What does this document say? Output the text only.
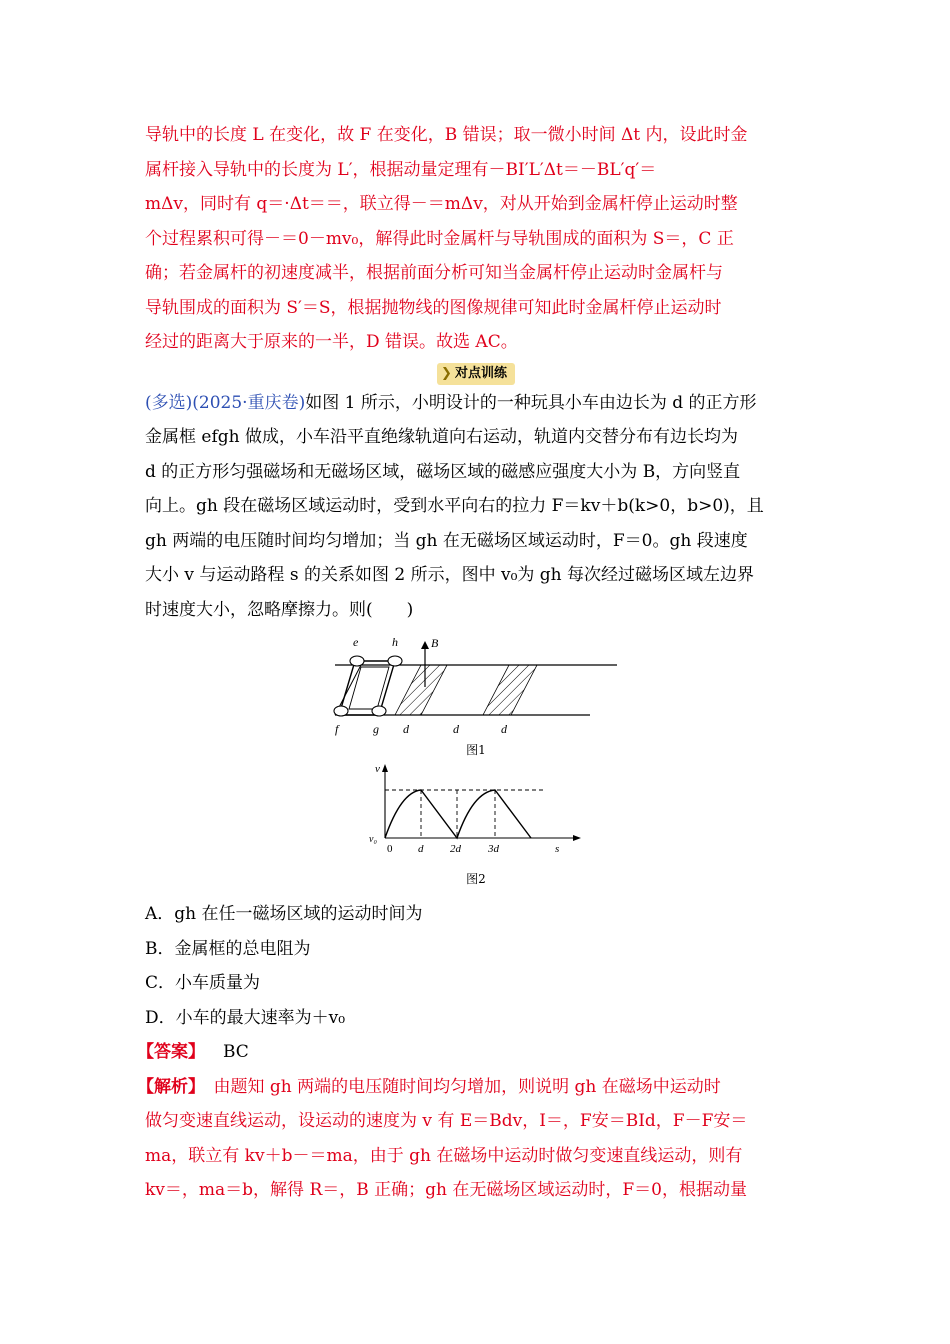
导轨中的长度 L 在变化，故 F 在变化，B 错误；取一微小时间 Δt 内，设此时金
属杆接入导轨中的长度为 L′，根据动量定理有－BI′L′Δt＝－BL′q′＝
mΔv，同时有 q＝·Δt＝＝，联立得－＝mΔv，对从开始到金属杆停止运动时整
个过程累积可得－＝0－mv₀，解得此时金属杆与导轨围成的面积为 S＝，C 正
确；若金属杆的初速度减半，根据前面分析可知当金属杆停止运动时金属杆与
导轨围成的面积为 S′＝S，根据抛物线的图像规律可知此时金属杆停止运动时
经过的距离大于原来的一半，D 错误。故选 AC。
❯ 对点训练
(多选)(2025·重庆卷)如图 1 所示，小明设计的一种玩具小车由边长为 d 的正方形
金属框 efgh 做成，小车沿平直绝缘轨道向右运动，轨道内交替分布有边长均为
d 的正方形匀强磁场和无磁场区域，磁场区域的磁感应强度大小为 B，方向竖直
向上。gh 段在磁场区域运动时，受到水平向右的拉力 F＝kv＋b(k>0，b>0)，且
gh 两端的电压随时间均匀增加；当 gh 在无磁场区域运动时，F＝0。gh 段速度
大小 v 与运动路程 s 的关系如图 2 所示，图中 v₀为 gh 每次经过磁场区域左边界
时速度大小，忽略摩擦力。则(　　)
e	h	B
f	g d	d	d
图1
v
v₀
0 d 2d 3d	s
图2

A．gh 在任一磁场区域的运动时间为

B．金属框的总电阻为

C．小车质量为

D．小车的最大速率为＋v₀

【答案】 BC

【解析】　由题知 gh 两端的电压随时间均匀增加，则说明 gh 在磁场中运动时
做匀变速直线运动，设运动的速度为 v 有 E＝Bdv，I＝，F安＝BId，F－F安＝
ma，联立有 kv＋b－＝ma，由于 gh 在磁场中运动时做匀变速直线运动，则有
kv＝，ma＝b，解得 R＝，B 正确；gh 在无磁场区域运动时，F＝0，根据动量
